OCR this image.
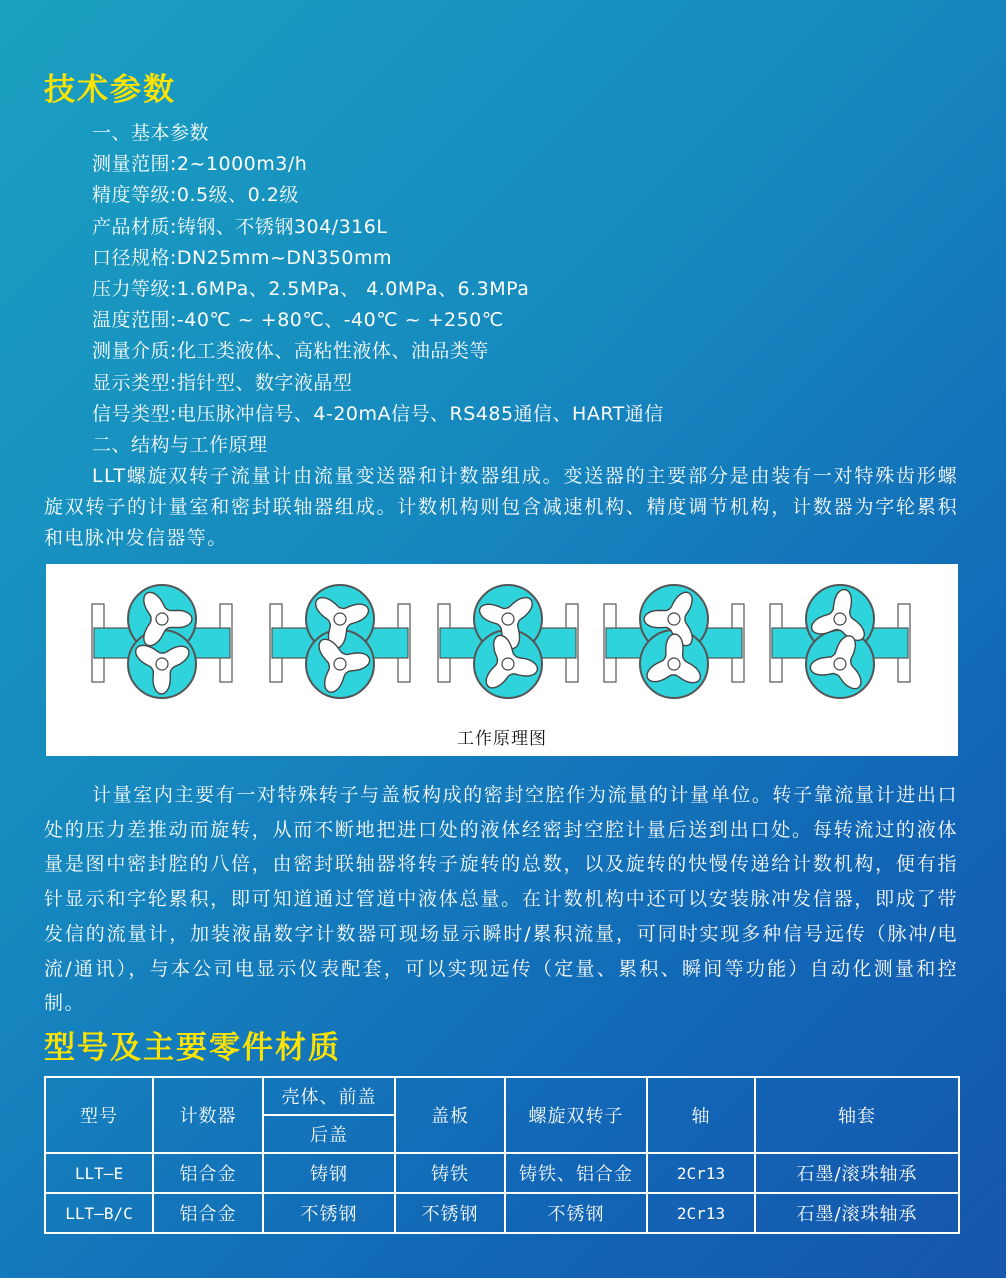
技术参数
一、基本参数
测量范围:2~1000m3/h
精度等级:0.5级、0.2级
产品材质:铸钢、不锈钢304/316L
口径规格:DN25mm~DN350mm
压力等级:1.6MPa、2.5MPa、 4.0MPa、6.3MPa
温度范围:-40℃ ~ +80℃、-40℃ ~ +250℃
测量介质:化工类液体、高粘性液体、油品类等
显示类型:指针型、数字液晶型
信号类型:电压脉冲信号、4-20mA信号、RS485通信、HART通信
二、结构与工作原理

LLT螺旋双转子流量计由流量变送器和计数器组成。变送器的主要部分是由装有一对特殊齿形螺旋双转子的计量室和密封联轴器组成。计数机构则包含减速机构、精度调节机构，计数器为字轮累积和电脉冲发信器等。

工作原理图

计量室内主要有一对特殊转子与盖板构成的密封空腔作为流量的计量单位。转子靠流量计进出口处的压力差推动而旋转，从而不断地把进口处的液体经密封空腔计量后送到出口处。每转流过的液体量是图中密封腔的八倍，由密封联轴器将转子旋转的总数，以及旋转的快慢传递给计数机构，便有指针显示和字轮累积，即可知道通过管道中液体总量。在计数机构中还可以安装脉冲发信器，即成了带发信的流量计，加装液晶数字计数器可现场显示瞬时/累积流量，可同时实现多种信号远传（脉冲/电流/通讯），与本公司电显示仪表配套，可以实现远传（定量、累积、瞬间等功能）自动化测量和控制。

型号及主要零件材质
型号	计数器	壳体、前盖	盖板	螺旋双转子	轴	轴套
		后盖				
LLT—E	铝合金	铸钢	铸铁	铸铁、铝合金	2Cr13	石墨/滚珠轴承
LLT—B/C	铝合金	不锈钢	不锈钢	不锈钢	2Cr13	石墨/滚珠轴承
